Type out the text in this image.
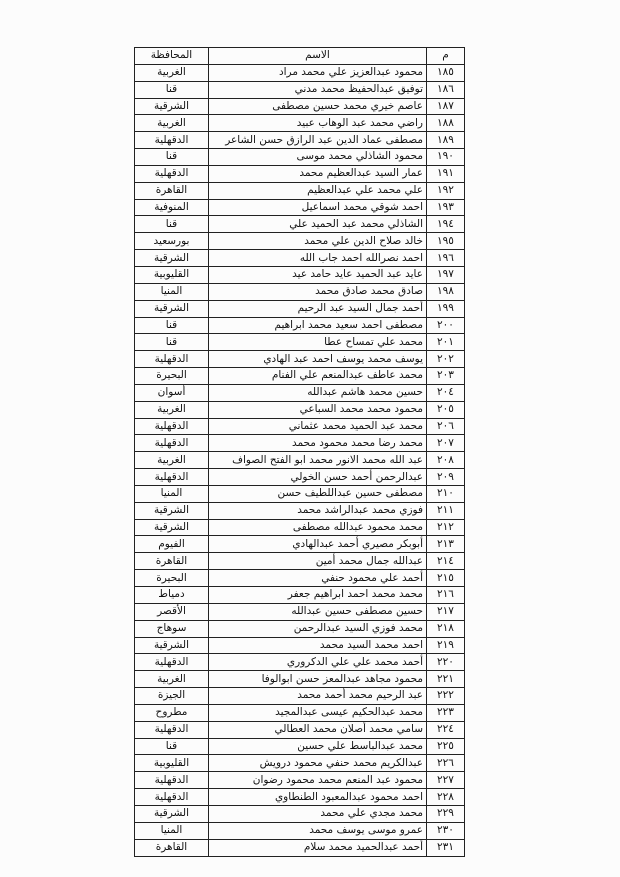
م	الاسم	المحافظة
١٨٥	محمود عبدالعزيز علي محمد مراد	الغربية
١٨٦	توفيق عبدالحفيظ محمد مدني	قنا
١٨٧	عاصم خيري محمد حسين مصطفى	الشرقية
١٨٨	راضي محمد عبد الوهاب عبيد	الغربية
١٨٩	مصطفى عماد الدين عبد الرازق حسن الشاعر	الدقهلية
١٩٠	محمود الشاذلي محمد موسى	قنا
١٩١	عمار السيد عبدالعظيم محمد	الدقهلية
١٩٢	علي محمد علي عبدالعظيم	القاهرة
١٩٣	احمد شوقي محمد اسماعيل	المنوفية
١٩٤	الشاذلي محمد عبد الحميد علي	قنا
١٩٥	خالد صلاح الدين علي محمد	بورسعيد
١٩٦	احمد نصرالله احمد جاب الله	الشرقية
١٩٧	عايد عبد الحميد عايد حامد عيد	القليوبية
١٩٨	صادق محمد صادق محمد	المنيا
١٩٩	أحمد جمال السيد عبد الرحيم	الشرقية
٢٠٠	مصطفى احمد سعيد محمد ابراهيم	قنا
٢٠١	محمد علي تمساح عطا	قنا
٢٠٢	يوسف محمد يوسف احمد عبد الهادي	الدقهلية
٢٠٣	محمد عاطف عبدالمنعم علي الفنام	البحيرة
٢٠٤	حسين محمد هاشم عبدالله	أسوان
٢٠٥	محمود محمد محمد السباعي	الغربية
٢٠٦	محمد عبد الحميد محمد عثماني	الدقهلية
٢٠٧	محمد رضا محمد محمود محمد	الدقهلية
٢٠٨	عبد الله محمد الانور محمد ابو الفتح الصواف	الغربية
٢٠٩	عبدالرحمن أحمد حسن الخولي	الدقهلية
٢١٠	مصطفى حسين عبداللطيف حسن	المنيا
٢١١	فوزي محمد عبدالراشد محمد	الشرقية
٢١٢	محمد محمود عبدالله مصطفى	الشرقية
٢١٣	أبوبكر مصيري أحمد عبدالهادي	الفيوم
٢١٤	عبدالله جمال محمد أمين	القاهرة
٢١٥	أحمد علي محمود حنفي	البحيرة
٢١٦	محمد محمد احمد ابراهيم جعفر	دمياط
٢١٧	حسين مصطفى حسين عبدالله	الأقصر
٢١٨	محمد فوزي السيد عبدالرحمن	سوهاج
٢١٩	احمد محمد السيد محمد	الشرقية
٢٢٠	أحمد محمد علي علي الدكروري	الدقهلية
٢٢١	محمود مجاهد عبدالمعز حسن ابوالوفا	الغربية
٢٢٢	عبد الرحيم محمد أحمد محمد	الجيزة
٢٢٣	محمد عبدالحكيم عيسى عبدالمجيد	مطروح
٢٢٤	سامي محمد أصلان محمد العطالي	الدقهلية
٢٢٥	محمد عبدالباسط علي حسين	قنا
٢٢٦	عبدالكريم محمد حنفي محمود درويش	القليوبية
٢٢٧	محمود عبد المنعم محمد محمود رضوان	الدقهلية
٢٢٨	احمد محمود عبدالمعبود الطنطاوي	الدقهلية
٢٢٩	محمد مجدي علي محمد	الشرقية
٢٣٠	عمرو موسى يوسف محمد	المنيا
٢٣١	أحمد عبدالحميد محمد سلام	القاهرة
